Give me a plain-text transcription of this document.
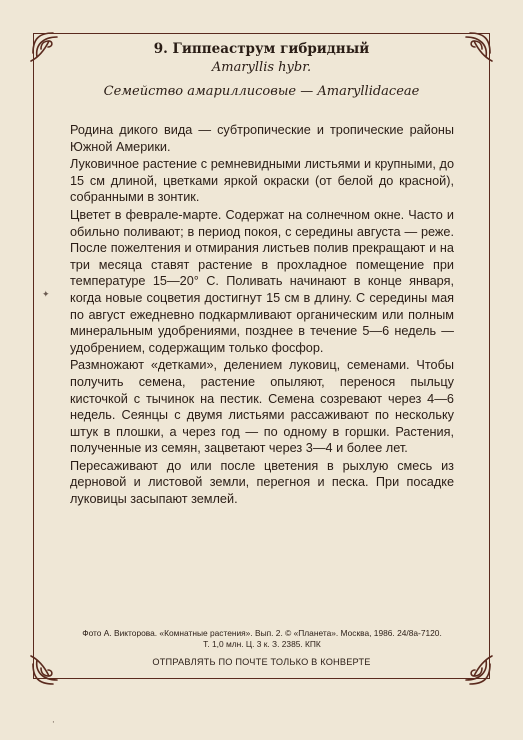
9. Гиппеаструм гибридный
Amaryllis hybr.
Семейство амариллисовые — Amaryllidaceae

Родина дикого вида — субтропические и тропические районы Южной Америки.

Луковичное растение с ремневидными листьями и крупными, до 15 см длиной, цветками яркой окраски (от белой до красной), собранными в зонтик.

Цветет в феврале-марте. Содержат на солнечном окне. Часто и обильно поливают; в период покоя, с середины августа — реже. После пожелтения и отмирания листьев полив прекращают и на три месяца ставят растение в прохладное помещение при температуре 15—20° С. Поливать начинают в конце января, когда новые соцветия достигнут 15 см в длину. С середины мая по август ежедневно подкармливают органическим или полным минеральным удобрениями, позднее в течение 5—6 недель — удобрением, содержащим только фосфор.

Размножают «детками», делением луковиц, семенами. Чтобы получить семена, растение опыляют, перенося пыльцу кисточкой с тычинок на пестик. Семена созревают через 4—6 недель. Сеянцы с двумя листьями рассаживают по нескольку штук в плошки, а через год — по одному в горшки. Растения, полученные из семян, зацветают через 3—4 и более лет.

Пересаживают до или после цветения в рыхлую смесь из дерновой и листовой земли, перегноя и песка. При посадке луковицы засыпают землей.

Фото А. Викторова. «Комнатные растения». Вып. 2. © «Планета». Москва, 1986. 24/8а-7120.
Т. 1,0 млн. Ц. 3 к. З. 2385. КПК
ОТПРАВЛЯТЬ ПО ПОЧТЕ ТОЛЬКО В КОНВЕРТЕ
✦
·
